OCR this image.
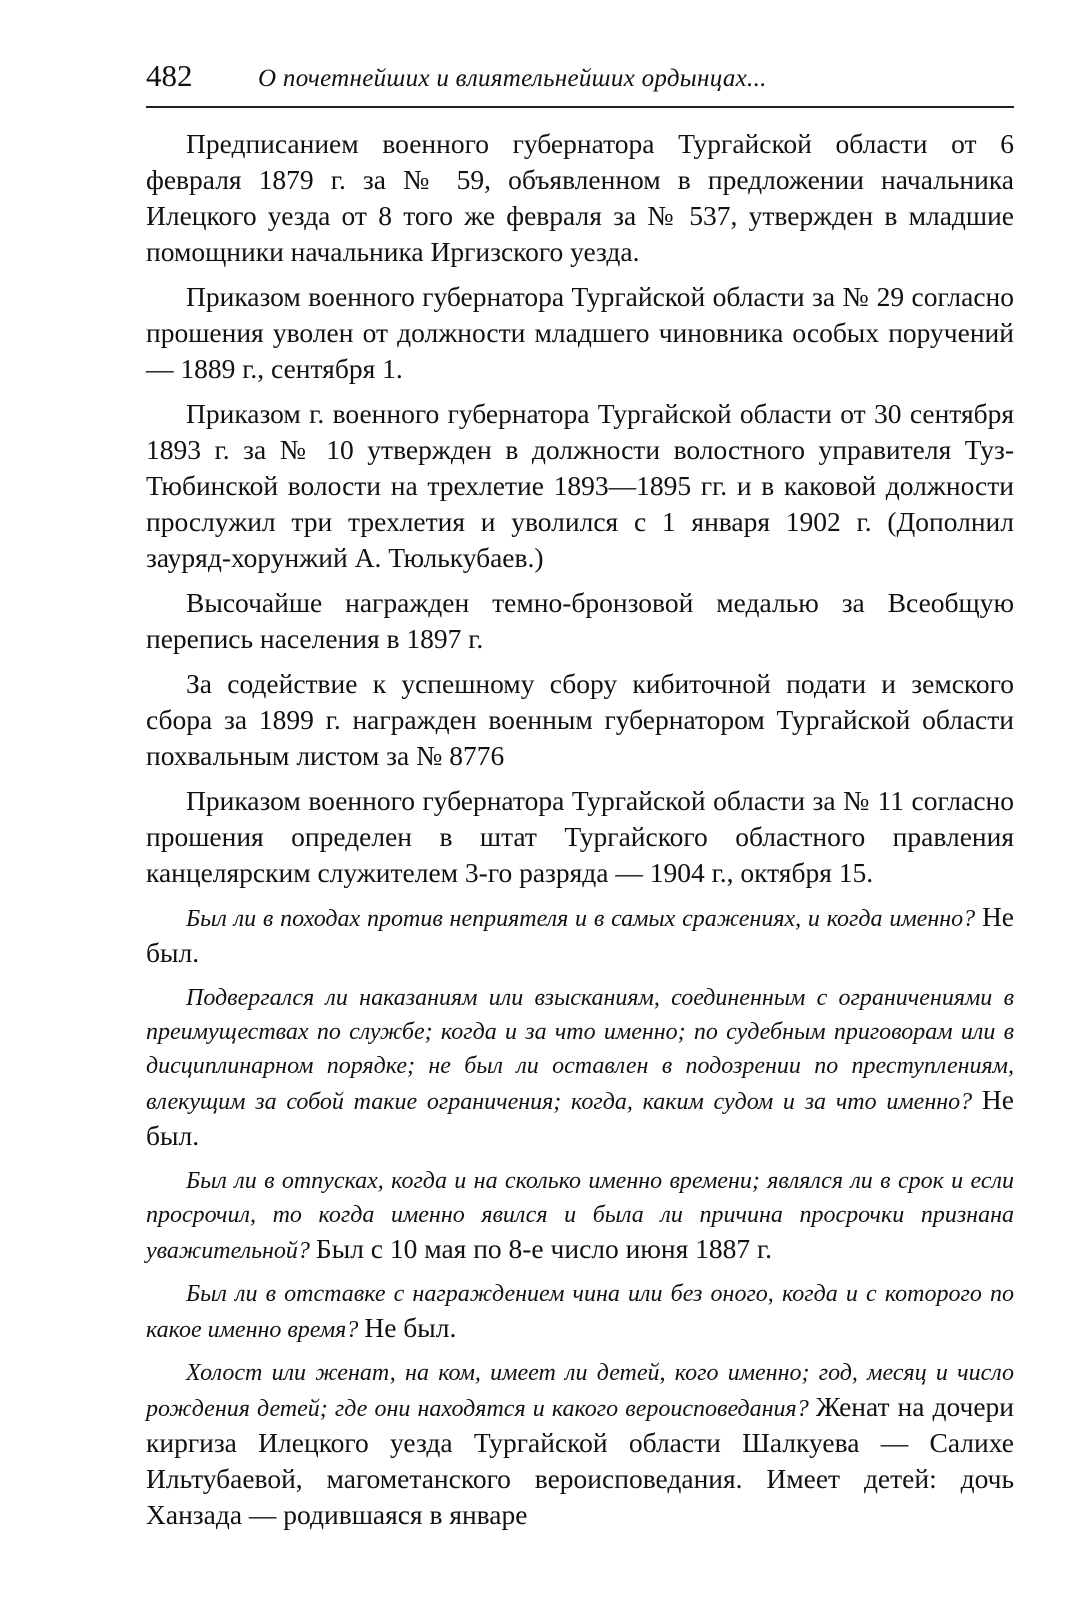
482	О почетнейших и влиятельнейших ордынцах...

Предписанием военного губернатора Тургайской области от 6 февраля 1879 г. за № 59, объявленном в предложении начальника Илецкого уезда от 8 того же февраля за № 537, утвержден в младшие помощники начальника Иргизского уезда.

Приказом военного губернатора Тургайской области за № 29 согласно прошения уволен от должности младшего чиновника особых поручений — 1889 г., сентября 1.

Приказом г. военного губернатора Тургайской области от 30 сентября 1893 г. за № 10 утвержден в должности волостного управителя Туз-Тюбинской волости на трехлетие 1893—1895 гг. и в каковой должности прослужил три трехлетия и уволился с 1 января 1902 г. (Дополнил зауряд-хорунжий А. Тюлькубаев.)

Высочайше награжден темно-бронзовой медалью за Всеобщую перепись населения в 1897 г.

За содействие к успешному сбору кибиточной подати и земского сбора за 1899 г. награжден военным губернатором Тургайской области похвальным листом за № 8776

Приказом военного губернатора Тургайской области за № 11 согласно прошения определен в штат Тургайского областного правления канцелярским служителем 3-го разряда — 1904 г., октября 15.

Был ли в походах против неприятеля и в самых сражениях, и когда именно? Не был.

Подвергался ли наказаниям или взысканиям, соединенным с ограничениями в преимуществах по службе; когда и за что именно; по судебным приговорам или в дисциплинарном порядке; не был ли оставлен в подозрении по преступлениям, влекущим за собой такие ограничения; когда, каким судом и за что именно? Не был.

Был ли в отпусках, когда и на сколько именно времени; являлся ли в срок и если просрочил, то когда именно явился и была ли причина просрочки признана уважительной? Был с 10 мая по 8-е число июня 1887 г.

Был ли в отставке с награждением чина или без оного, когда и с которого по какое именно время? Не был.

Холост или женат, на ком, имеет ли детей, кого именно; год, месяц и число рождения детей; где они находятся и какого вероисповедания? Женат на дочери киргиза Илецкого уезда Тургайской области Шалкуева — Салихе Ильтубаевой, магометанского вероисповедания. Имеет детей: дочь Ханзада — родившаяся в январе
